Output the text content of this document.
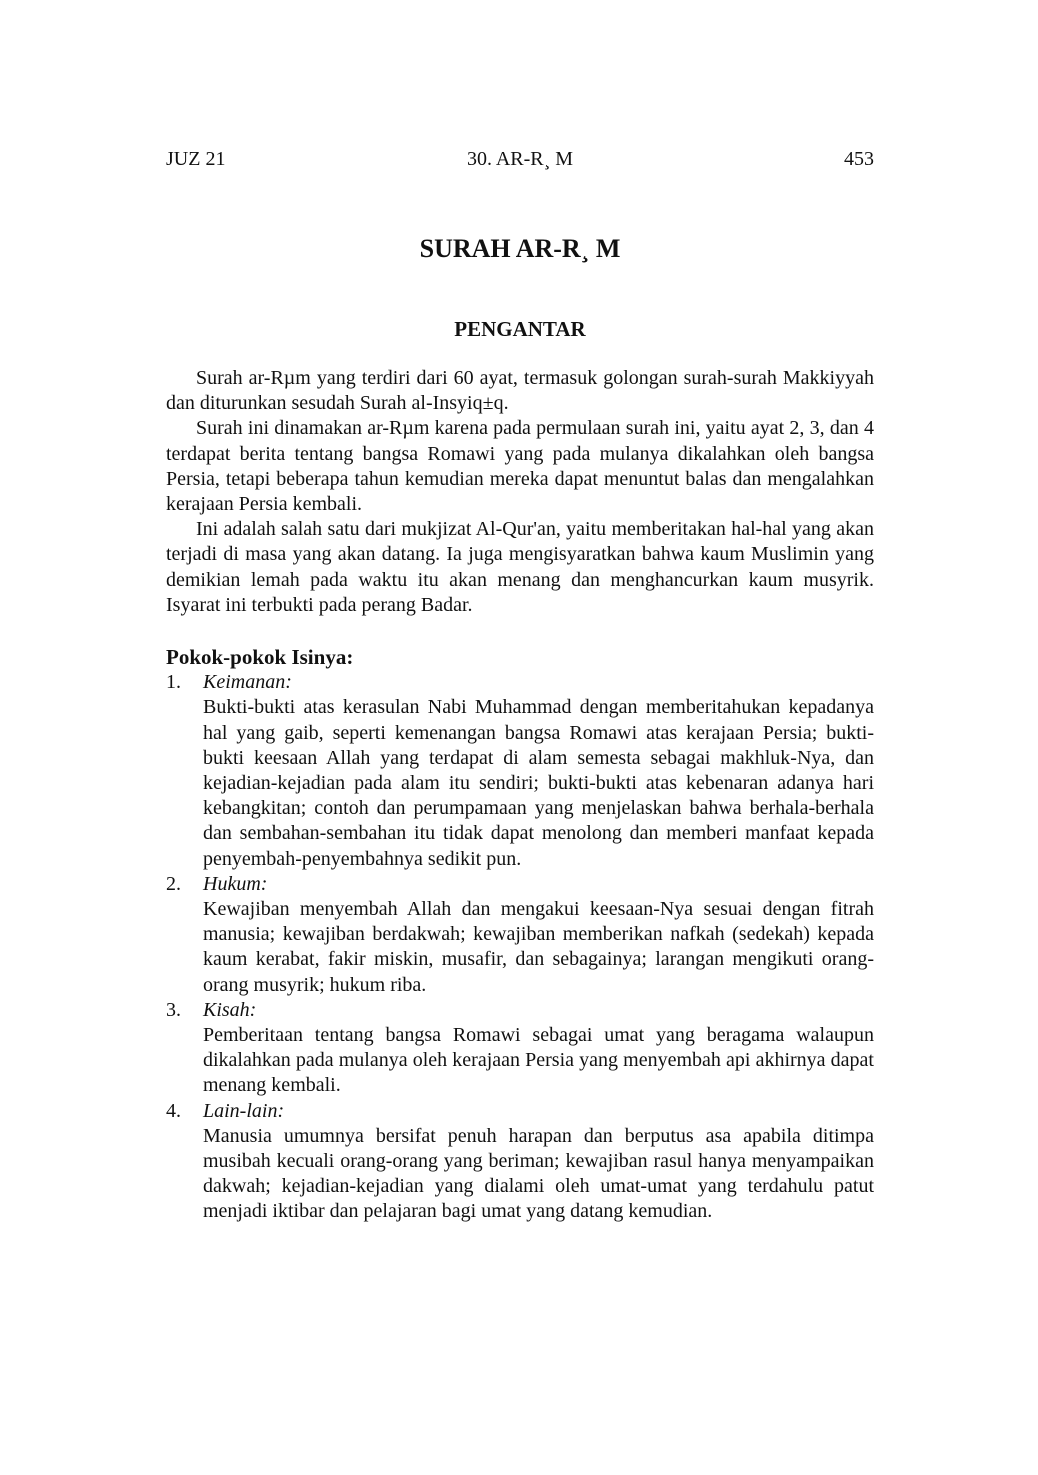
JUZ 21	30. AR-R¸ M	453
SURAH AR-R¸ M
PENGANTAR

Surah ar-Rµm yang terdiri dari 60 ayat, termasuk golongan surah-surah Makkiyyah dan diturunkan sesudah Surah al-Insyiq±q.

Surah ini dinamakan ar-Rµm karena pada permulaan surah ini, yaitu ayat 2, 3, dan 4 terdapat berita tentang bangsa Romawi yang pada mulanya dikalahkan oleh bangsa Persia, tetapi beberapa tahun kemudian mereka dapat menuntut balas dan mengalahkan kerajaan Persia kembali.

Ini adalah salah satu dari mukjizat Al-Qur'an, yaitu memberitakan hal-hal yang akan terjadi di masa yang akan datang. Ia juga mengisyaratkan bahwa kaum Muslimin yang demikian lemah pada waktu itu akan menang dan menghancurkan kaum musyrik. Isyarat ini terbukti pada perang Badar.

Pokok-pokok Isinya:
1. Keimanan:

Bukti-bukti atas kerasulan Nabi Muhammad dengan memberitahukan kepadanya hal yang gaib, seperti kemenangan bangsa Romawi atas kerajaan Persia; bukti-bukti keesaan Allah yang terdapat di alam semesta sebagai makhluk-Nya, dan kejadian-kejadian pada alam itu sendiri; bukti-bukti atas kebenaran adanya hari kebangkitan; contoh dan perumpamaan yang menjelaskan bahwa berhala-berhala dan sembahan-sembahan itu tidak dapat menolong dan memberi manfaat kepada penyembah-penyembahnya sedikit pun.

2. Hukum:

Kewajiban menyembah Allah dan mengakui keesaan-Nya sesuai dengan fitrah manusia; kewajiban berdakwah; kewajiban memberikan nafkah (sedekah) kepada kaum kerabat, fakir miskin, musafir, dan sebagainya; larangan mengikuti orang-orang musyrik; hukum riba.

3. Kisah:

Pemberitaan tentang bangsa Romawi sebagai umat yang beragama walaupun dikalahkan pada mulanya oleh kerajaan Persia yang menyembah api akhirnya dapat menang kembali.

4. Lain-lain:

Manusia umumnya bersifat penuh harapan dan berputus asa apabila ditimpa musibah kecuali orang-orang yang beriman; kewajiban rasul hanya menyampaikan dakwah; kejadian-kejadian yang dialami oleh umat-umat yang terdahulu patut menjadi iktibar dan pelajaran bagi umat yang datang kemudian.
